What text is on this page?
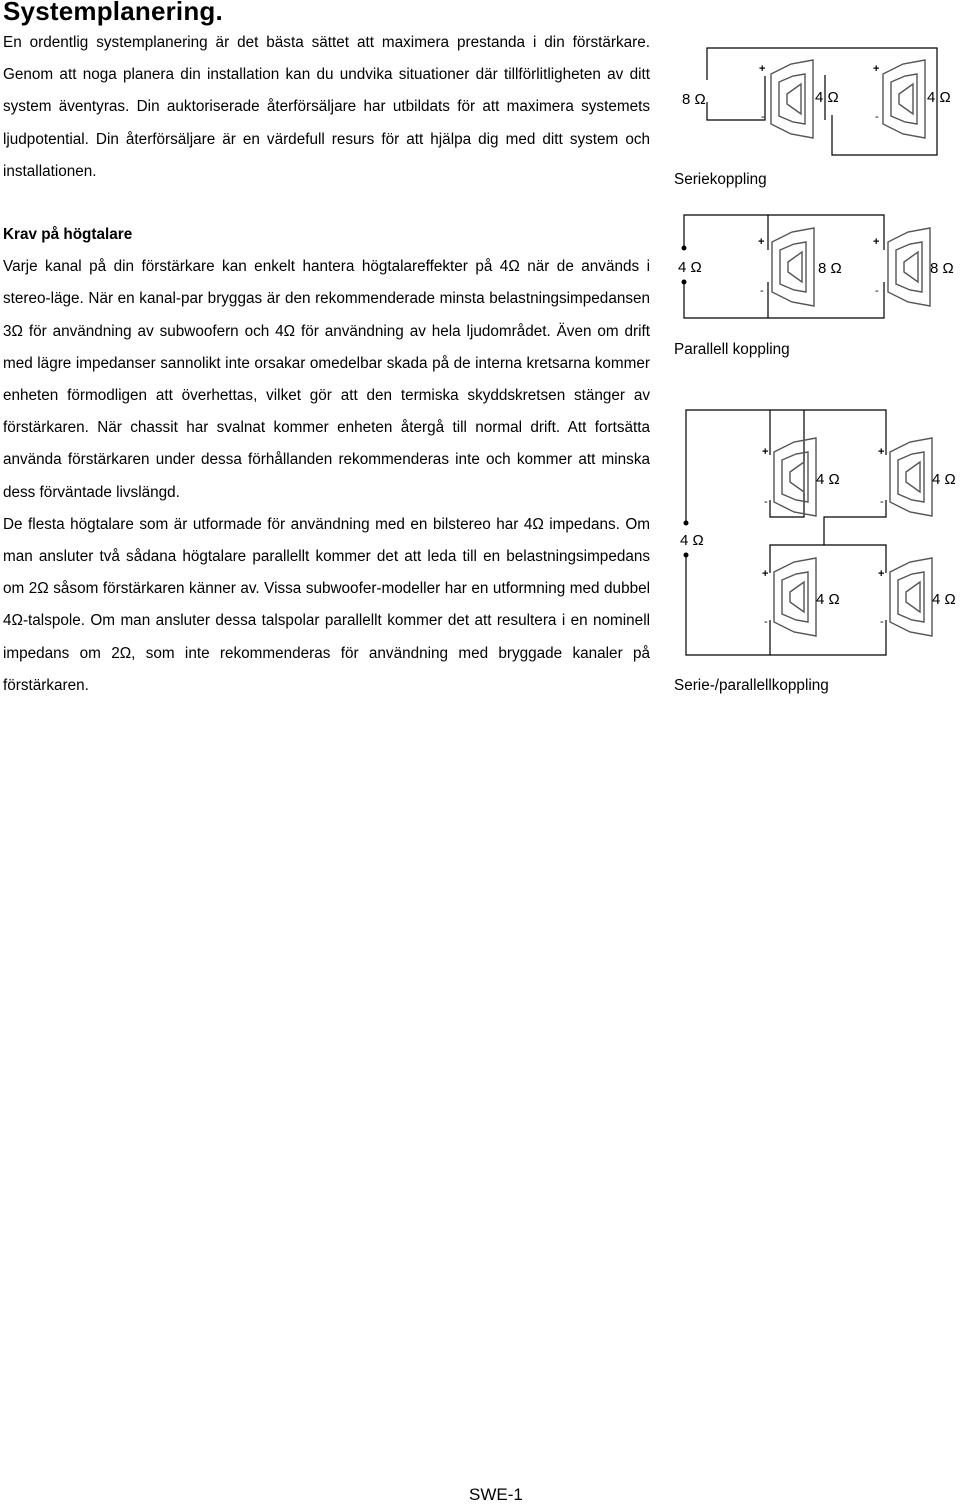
Systemplanering.

En ordentlig systemplanering är det bästa sättet att maximera prestanda i din förstärkare. Genom att noga planera din installation kan du undvika situationer där tillförlitligheten av ditt system äventyras. Din auktoriserade återförsäljare har utbildats för att maximera systemets ljudpotential. Din återförsäljare är en värdefull resurs för att hjälpa dig med ditt system och installationen.

Krav på högtalare

Varje kanal på din förstärkare kan enkelt hantera högtalareffekter på 4Ω när de används i stereo-läge. När en kanal-par bryggas är den rekommenderade minsta belastningsimpedansen 3Ω för användning av subwoofern och 4Ω för användning av hela ljudområdet. Även om drift med lägre impedanser sannolikt inte orsakar omedelbar skada på de interna kretsarna kommer enheten förmodligen att överhettas, vilket gör att den termiska skyddskretsen stänger av förstärkaren. När chassit har svalnat kommer enheten återgå till normal drift. Att fortsätta använda förstärkaren under dessa förhållanden rekommenderas inte och kommer att minska dess förväntade livslängd.

De flesta högtalare som är utformade för användning med en bilstereo har 4Ω impedans. Om man ansluter två sådana högtalare parallellt kommer det att leda till en belastningsimpedans om 2Ω såsom förstärkaren känner av. Vissa subwoofer-modeller har en utformning med dubbel 4Ω-talspole. Om man ansluter dessa talspolar parallellt kommer det att resultera i en nominell impedans om 2Ω, som inte rekommenderas för användning med bryggade kanaler på förstärkaren.

8 Ω
+
-
+
-
4 Ω	4 Ω
4 Ω
+
-
+
-
8 Ω	8 Ω
4 Ω
+
-
+
-
+
-
+
-
4 Ω	4 Ω
4 Ω	4 Ω
Seriekoppling
Parallell koppling
Serie-/parallellkoppling
SWE-1
